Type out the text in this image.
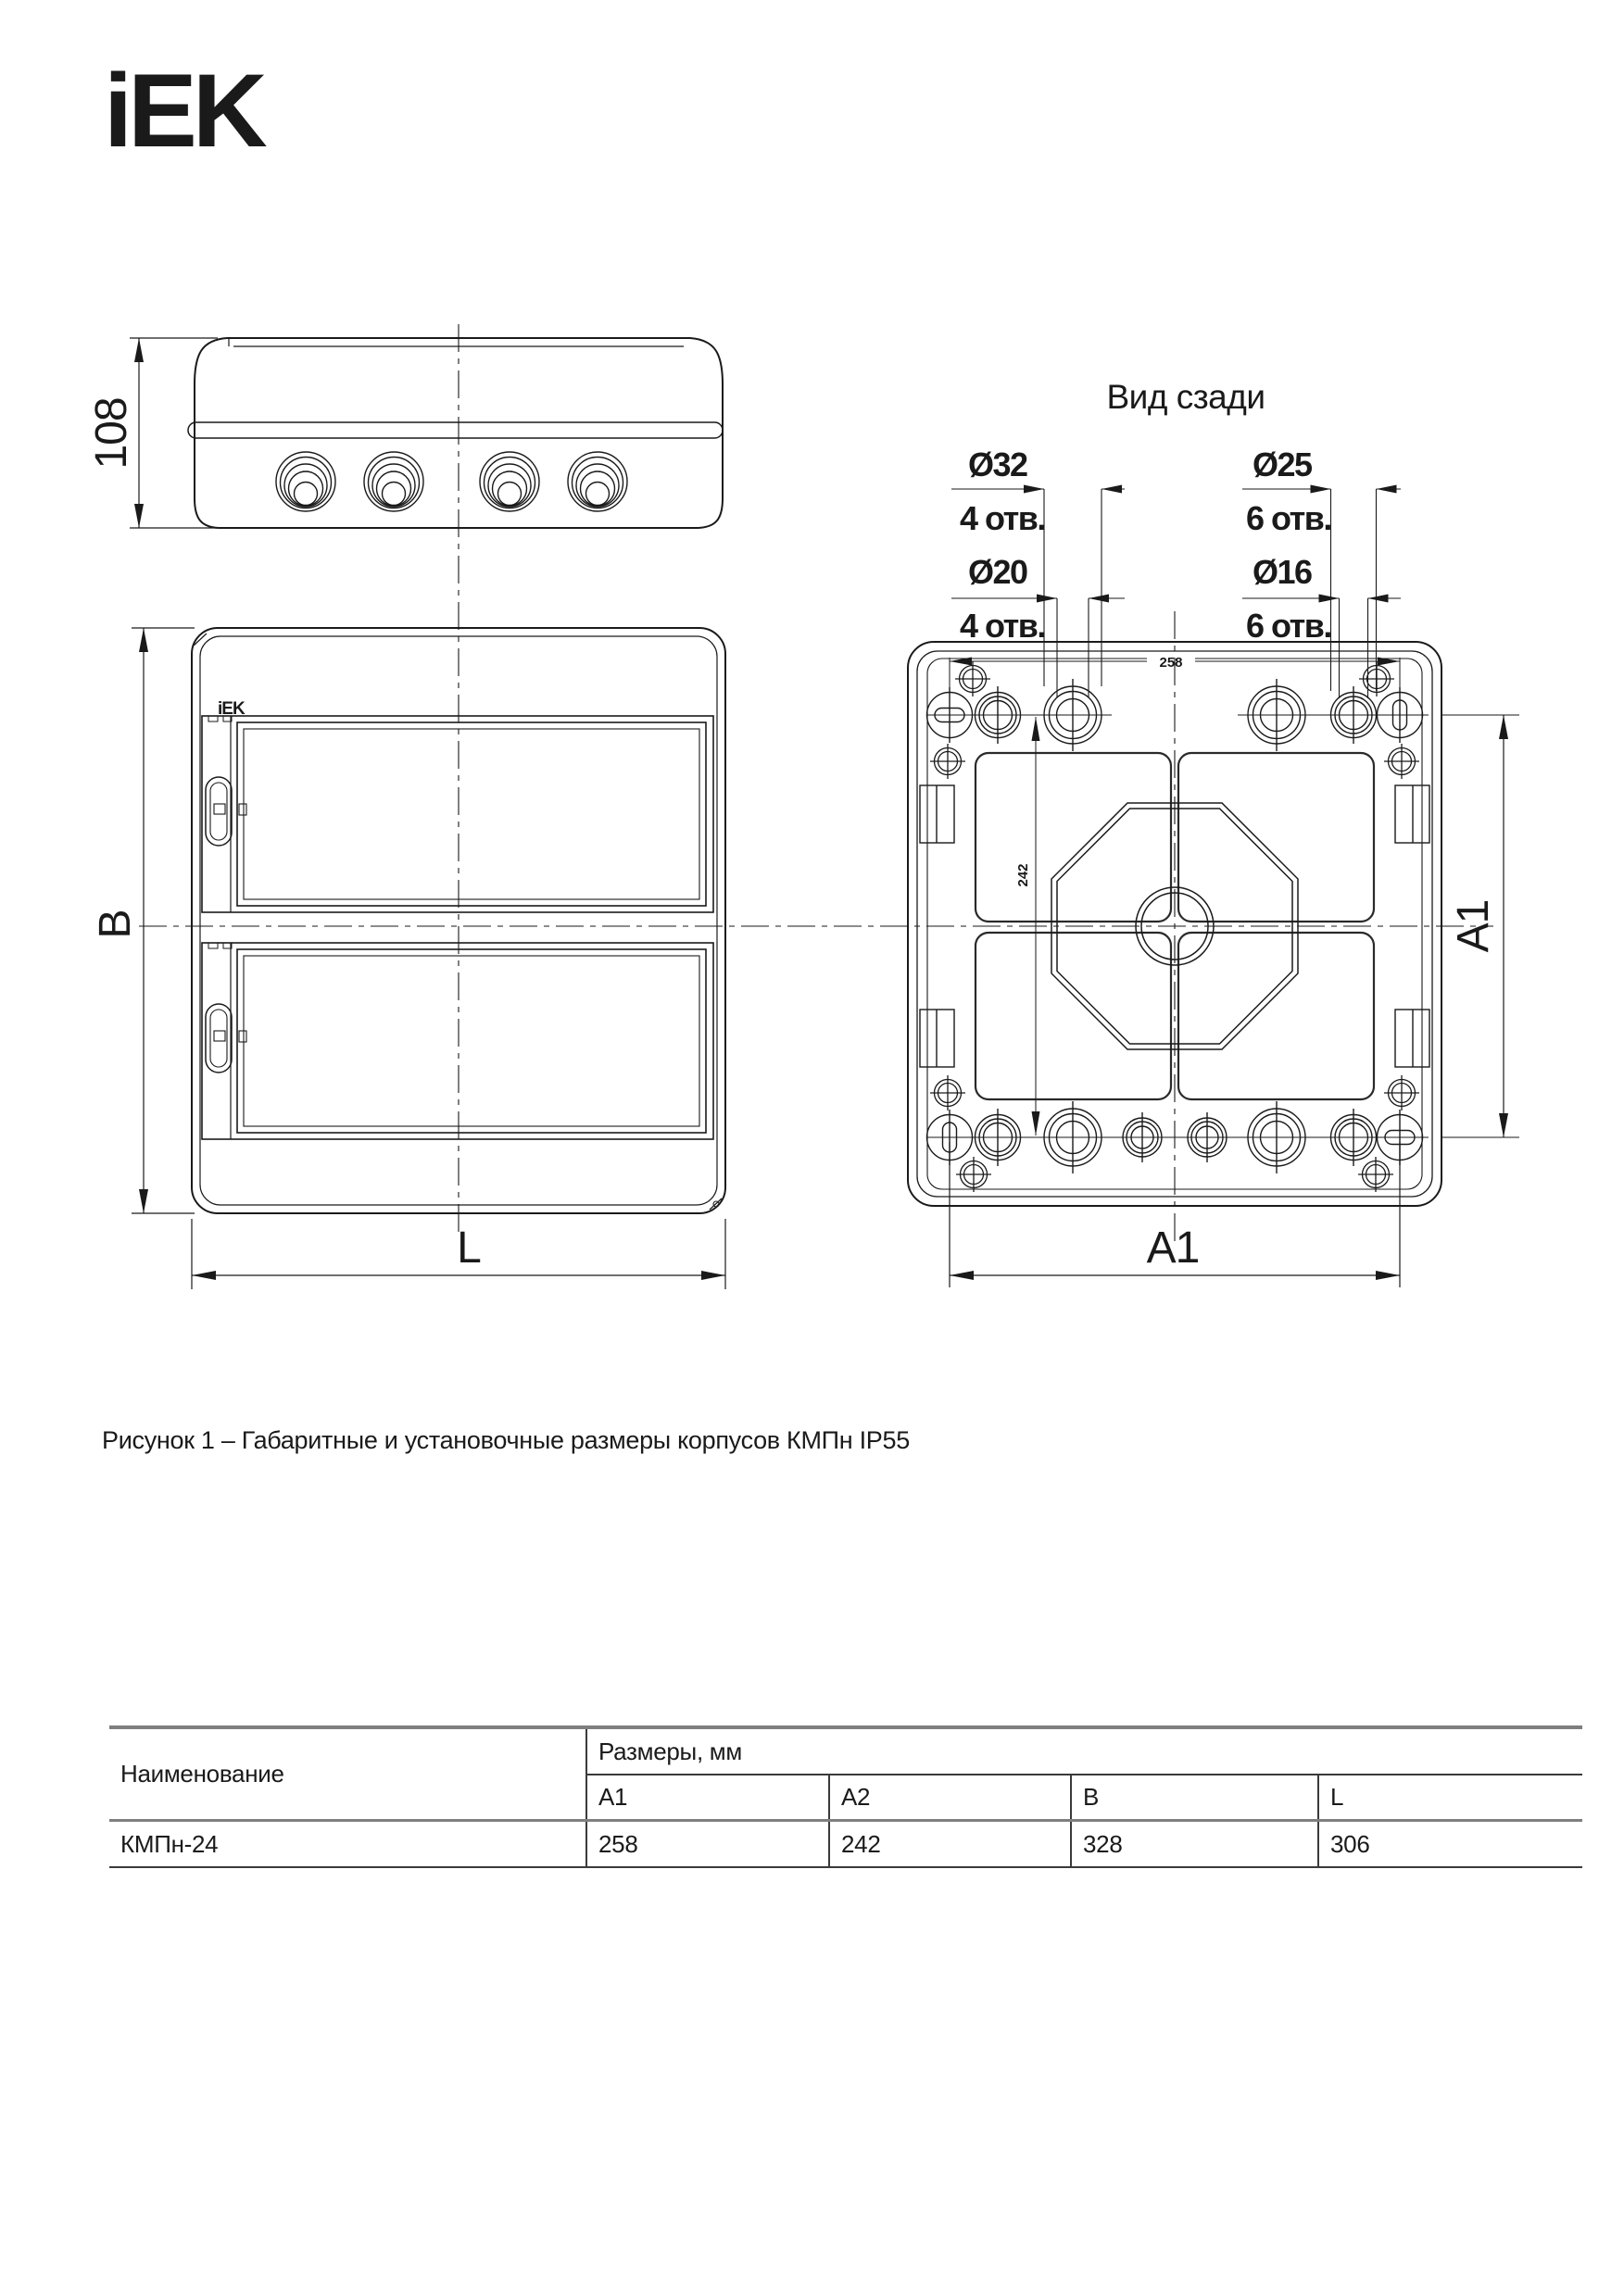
iEK
108
iEK
B
L
Вид сзади
258
242
Ø32
4 отв.
Ø20
4 отв.
Ø25
6 отв.
Ø16
6 отв.
A1
A1
Рисунок 1 – Габаритные и установочные размеры корпусов КМПн IP55
Наименование	Размеры, мм			
	A1	A2	B	L
КМПн-24	258	242	328	306
